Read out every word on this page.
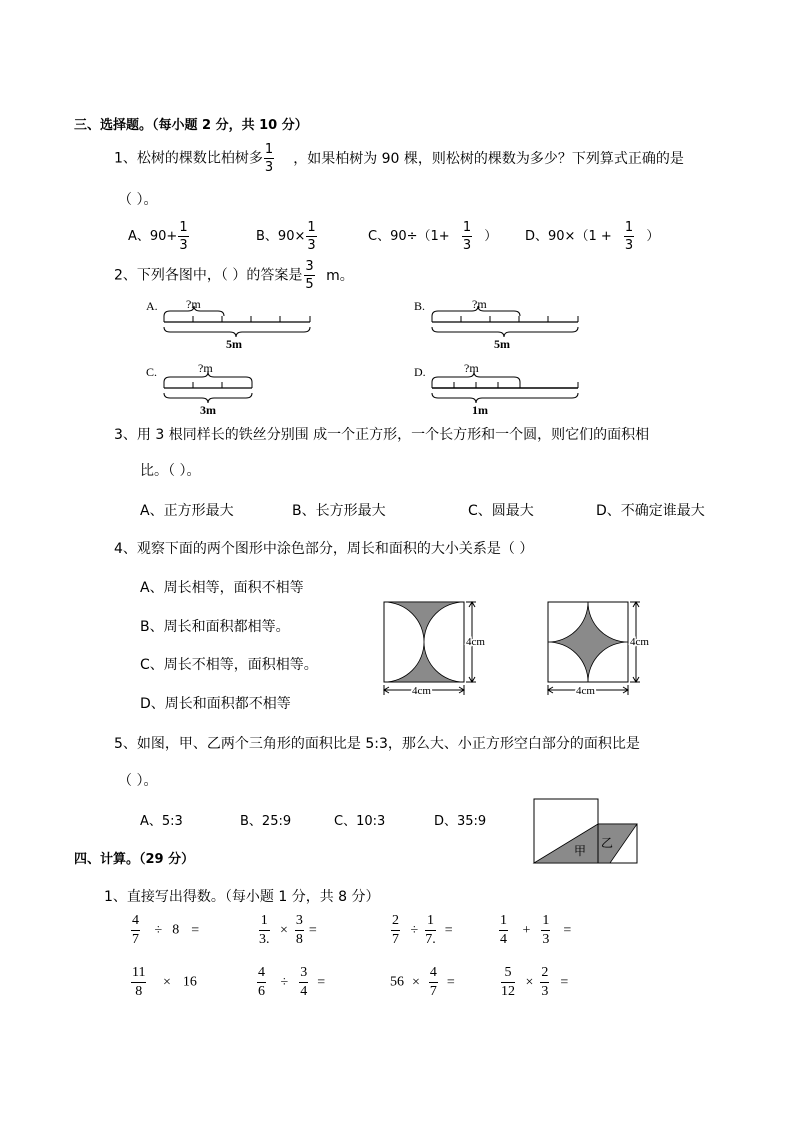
三、选择题。（每小题 2 分，共 10 分）
1、松树的棵数比柏树多 $\frac{1}{3}$ ，如果柏树为 90 棵，则松树的棵数为多少？下列算式正确的是
（ ）。
A、$90+ \frac{1}{3}$	B、$90\times \frac{1}{3}$	C、$90\div(1+ \frac{1}{3}$ ） D、$90\times(1 + \frac{1}{3}$ ）
2、下列各图中，（ ）的答案是 $\frac{3}{5}$ m。
A. ?m
5m
B.	?m
5m
C.	?m
3m
D.	?m
1m
3、用 3 根同样长的铁丝分别围 成一个正方形，一个长方形和一个圆，则它们的面积相
比。（ ）。
A、正方形最大	B、长方形最大	C、圆最大	D、不确定谁最大
4、观察下面的两个图形中涂色部分，周长和面积的大小关系是（ ）
A、周长相等，面积不相等
B、周长和面积都相等。
C、周长不相等，面积相等。
D、周长和面积都不相等
4cm
4cm
4cm
4cm
5、如图，甲、乙两个三角形的面积比是 5:3，那么大、小正方形空白部分的面积比是
（ ）。
A、5:3	B、25:9	C、10:3	D、35:9
甲
乙
四、计算。（29 分）
1、直接写出得数。（每小题 1 分，共 8 分）
$\frac{4}{7} \div 8$ =	$\frac{1}{3.} \times \frac{3}{8}$ =	$\frac{2}{7} \div \frac{1}{7.}$ =	$\frac{1}{4} + \frac{1}{3}$ =
$\frac{11}{8} \times 16$	$\frac{4}{6} \div \frac{3}{4}$ =	$56 \times \frac{4}{7}$ =	$\frac{5}{12} \times \frac{2}{3}$ =
